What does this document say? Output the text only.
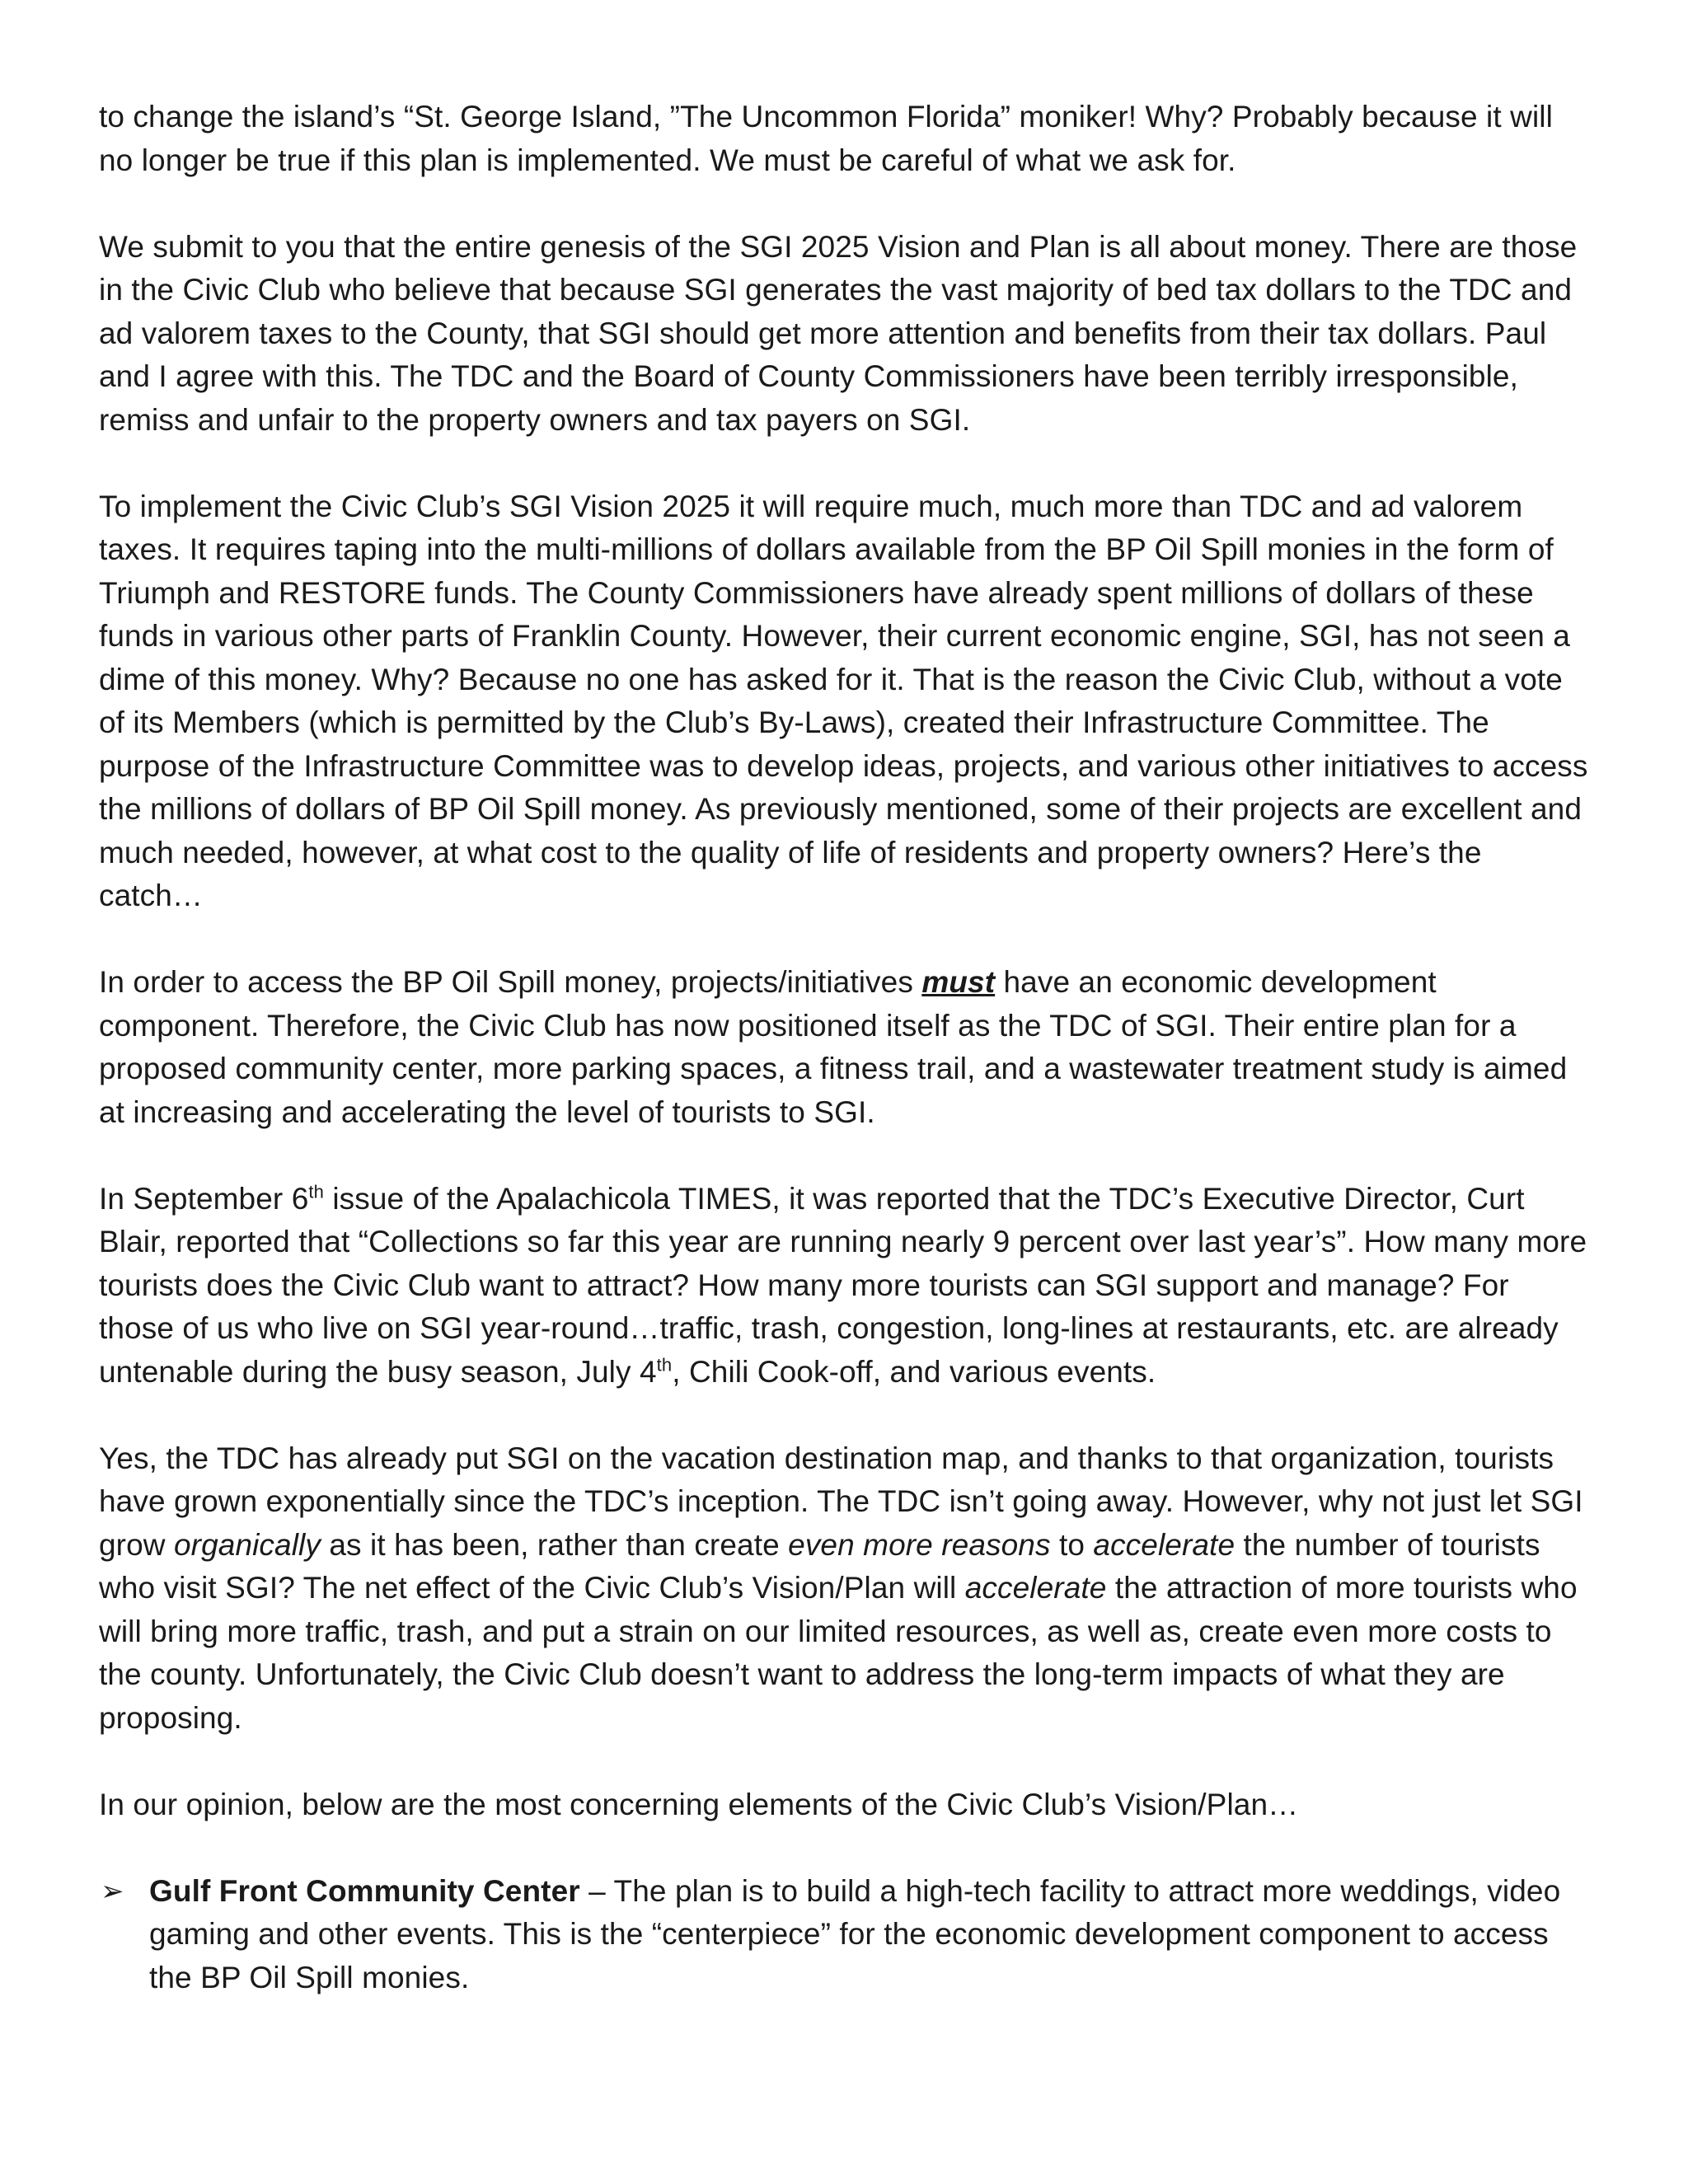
to change the island’s “St. George Island, ”The Uncommon Florida” moniker! Why? Probably because it will no longer be true if this plan is implemented. We must be careful of what we ask for.

We submit to you that the entire genesis of the SGI 2025 Vision and Plan is all about money. There are those in the Civic Club who believe that because SGI generates the vast majority of bed tax dollars to the TDC and ad valorem taxes to the County, that SGI should get more attention and benefits from their tax dollars. Paul and I agree with this. The TDC and the Board of County Commissioners have been terribly irresponsible, remiss and unfair to the property owners and tax payers on SGI.

To implement the Civic Club’s SGI Vision 2025 it will require much, much more than TDC and ad valorem taxes. It requires taping into the multi-millions of dollars available from the BP Oil Spill monies in the form of Triumph and RESTORE funds. The County Commissioners have already spent millions of dollars of these funds in various other parts of Franklin County. However, their current economic engine, SGI, has not seen a dime of this money. Why? Because no one has asked for it. That is the reason the Civic Club, without a vote of its Members (which is permitted by the Club’s By-Laws), created their Infrastructure Committee. The purpose of the Infrastructure Committee was to develop ideas, projects, and various other initiatives to access the millions of dollars of BP Oil Spill money. As previously mentioned, some of their projects are excellent and much needed, however, at what cost to the quality of life of residents and property owners? Here’s the catch…

In order to access the BP Oil Spill money, projects/initiatives must have an economic development component. Therefore, the Civic Club has now positioned itself as the TDC of SGI. Their entire plan for a proposed community center, more parking spaces, a fitness trail, and a wastewater treatment study is aimed at increasing and accelerating the level of tourists to SGI.

In September 6th issue of the Apalachicola TIMES, it was reported that the TDC’s Executive Director, Curt Blair, reported that “Collections so far this year are running nearly 9 percent over last year’s”. How many more tourists does the Civic Club want to attract? How many more tourists can SGI support and manage? For those of us who live on SGI year-round…traffic, trash, congestion, long-lines at restaurants, etc. are already untenable during the busy season, July 4th, Chili Cook-off, and various events.

Yes, the TDC has already put SGI on the vacation destination map, and thanks to that organization, tourists have grown exponentially since the TDC’s inception. The TDC isn’t going away. However, why not just let SGI grow organically as it has been, rather than create even more reasons to accelerate the number of tourists who visit SGI? The net effect of the Civic Club’s Vision/Plan will accelerate the attraction of more tourists who will bring more traffic, trash, and put a strain on our limited resources, as well as, create even more costs to the county. Unfortunately, the Civic Club doesn’t want to address the long-term impacts of what they are proposing.

In our opinion, below are the most concerning elements of the Civic Club’s Vision/Plan…

➢ Gulf Front Community Center – The plan is to build a high-tech facility to attract more weddings, video gaming and other events. This is the “centerpiece” for the economic development component to access the BP Oil Spill monies.
